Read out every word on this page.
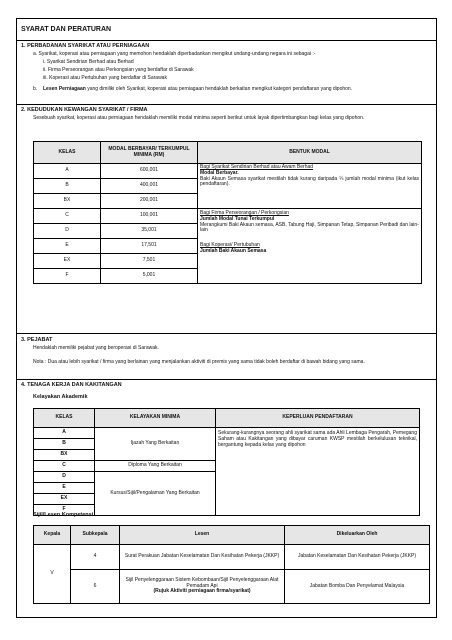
SYARAT DAN PERATURAN
1. PERBADANAN SYARIKAT ATAU PERNIAGAAN
a. Syarikat, koperasi atau perniagaan yang memohon hendaklah diperbadankan mengikut undang-undang negara ini sebagai :-
i. Syarikat Sendirian Berhad atau Berhad
ii. Firma Perseorangan atau Perkongsian yang berdaftar di Sarawak
iii. Koperasi atau Pertubuhan yang berdaftar di Sarawak
b. Lesen Perniagaan yang dimiliki oleh Syarikat, koperasi atau perniagaan hendaklah berkaitan mengikut kategori pendaftaran yang dipohon.
2. KEDUDUKAN KEWANGAN SYARIKAT / FIRMA
Sesebuah syarikat, koperasi atau perniagaan hendaklah memiliki modal minima seperti berikut untuk layak dipertimbangkan bagi kelas yang dipohon.
KELAS	MODAL BERBAYAR/ TERKUMPUL MINIMA (RM)	BENTUK MODAL
A	600,001	Bagi Syarikat Sendirian Berhad atau Awam Berhad
Modal Berbayar.
Baki Akaun Semasa syarikat mestilah tidak kurang daripada ¼ jumlah modal minima (ikut kelas pendaftaran).

B	400,001	
BX	200,001	
C	100,001	Bagi Firma Perseorangan / Perkongsian
Jumlah Modal Tunai Terkumpul
Merangkumi Baki Akaun semasa, ASB, Tabung Haji, Simpanan Tetap, Simpanan Peribadi dan lain-lain
Bagi Koperasi/ Pertubuhan
Jumlah Baki Akaun Semasa

D	35,001	
E	17,501	
EX	7,501	
F	5,001	
3. PEJABAT
Hendaklah memiliki pejabat yang beroperasi di Sarawak.
Nota : Dua atau lebih syarikat / firma yang berlainan yang menjalankan aktiviti di premis yang sama tidak boleh berdaftar di bawah bidang yang sama.
4. TENAGA KERJA DAN KAKITANGAN
Kelayakan Akademik
KELAS	KELAYAKAN MINIMA	KEPERLUAN PENDAFTARAN
A	Ijazah Yang Berkaitan	Sekurang-kurangnya seorang ahli syarikat sama ada Ahli Lembaga Pengarah, Pemegang Saham atau Kakitangan yang dibayar caruman KWSP mestilah berkelulusan teknikal, bergantung kepada kelas yang dipohon
B		
BX		
C	Diploma Yang Berkaitan	
D	Kursus/Sijil/Pengalaman Yang Berkaitan	
E		
EX		
F		
Sijil/Lesen Kompetensi
Kepala	Subkepala	Lesen	Dikeluarkan Oleh
V	4	Surat Perakuan Jabatan Keselamatan Dan Kesihatan Pekerja (JKKP)	Jabatan Keselamatan Dan Kesihatan Pekerja (JKKP)
	6	Sijil Penyelenggaraan Sistem Kebombaan/Sijil Penyelenggaraan Alat Pemadam Api
(Rujuk Aktiviti perniagaan firma/syarikat)	Jabatan Bomba Dan Penyelamat Malaysia
